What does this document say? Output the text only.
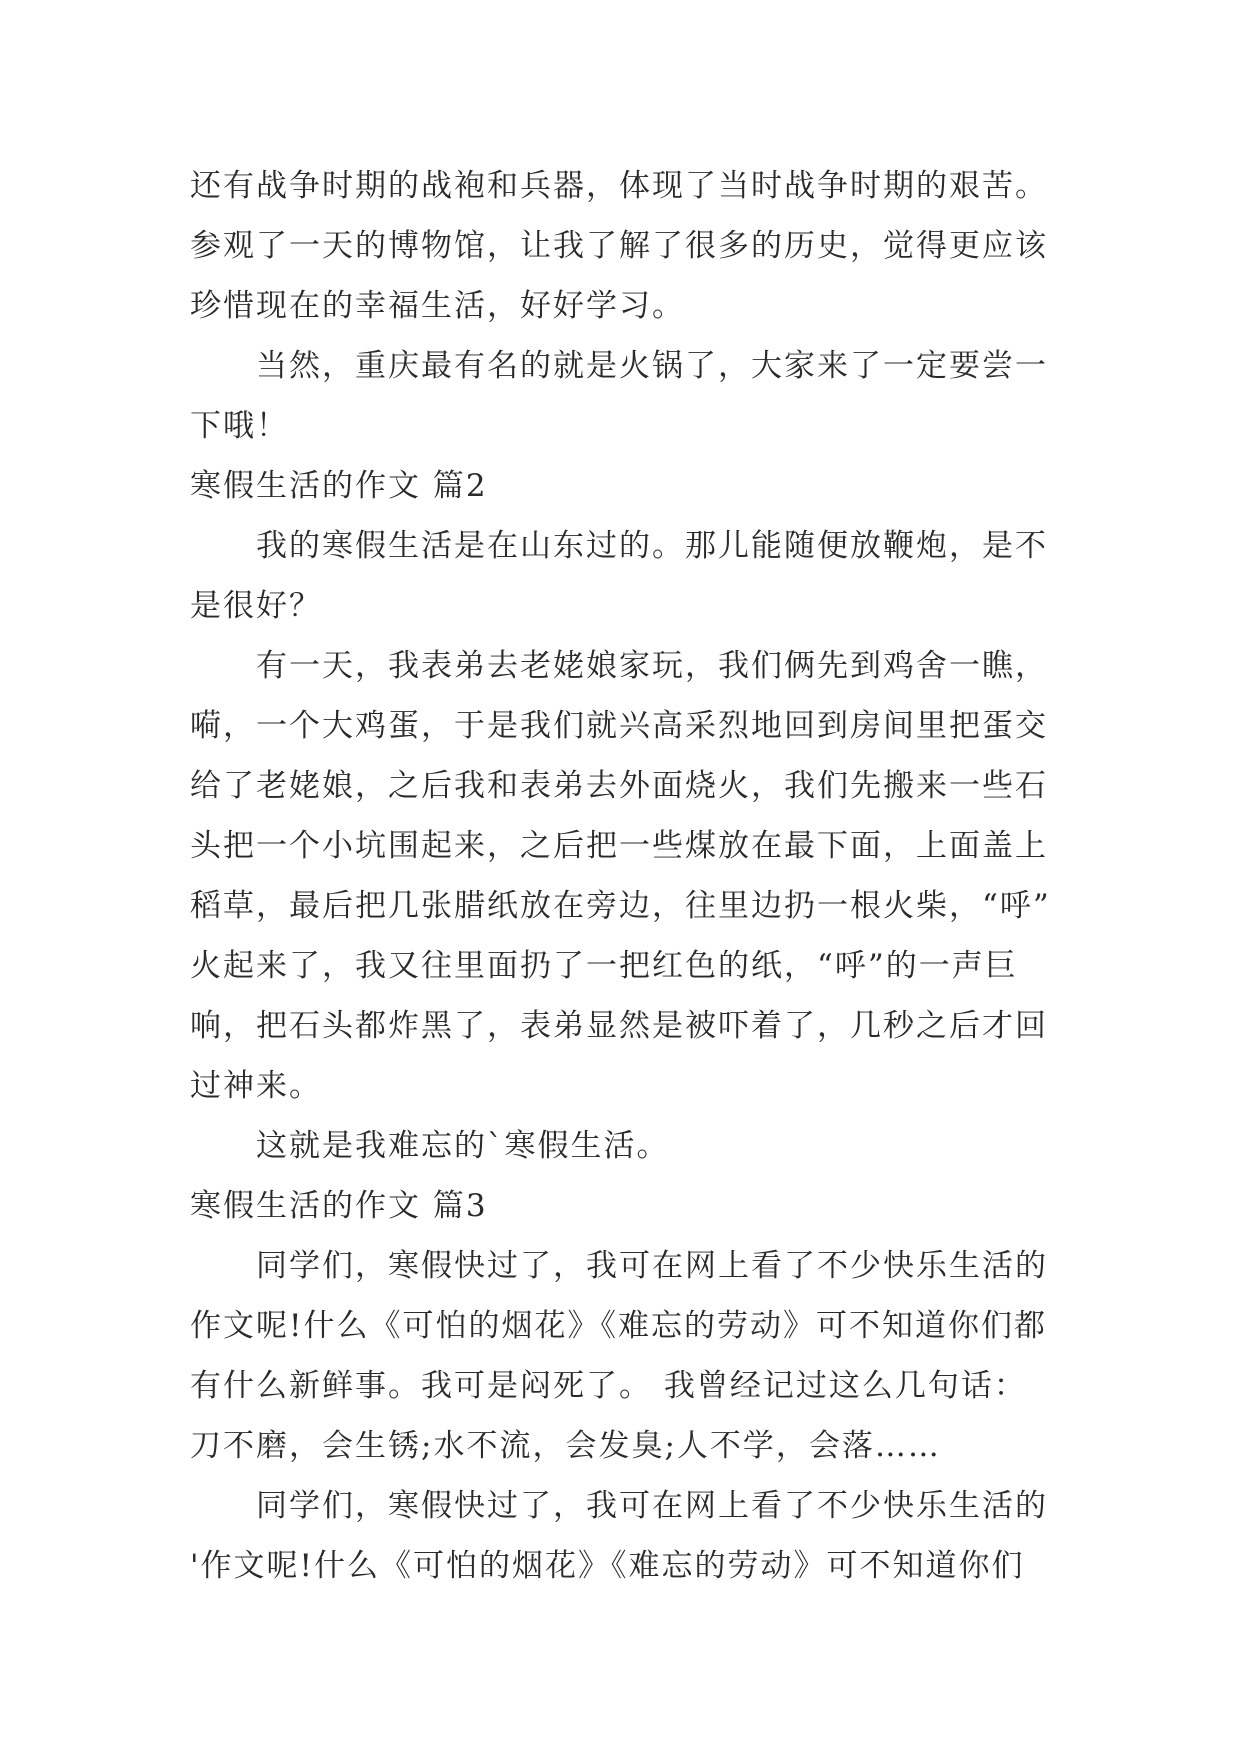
还有战争时期的战袍和兵器，体现了当时战争时期的艰苦。
参观了一天的博物馆，让我了解了很多的历史，觉得更应该
珍惜现在的幸福生活，好好学习。
当然，重庆最有名的就是火锅了，大家来了一定要尝一
下哦！
寒假生活的作文 篇2
我的寒假生活是在山东过的。那儿能随便放鞭炮，是不
是很好？
有一天，我表弟去老姥娘家玩，我们俩先到鸡舍一瞧，
嗬，一个大鸡蛋，于是我们就兴高采烈地回到房间里把蛋交
给了老姥娘，之后我和表弟去外面烧火，我们先搬来一些石
头把一个小坑围起来，之后把一些煤放在最下面，上面盖上
稻草，最后把几张腊纸放在旁边，往里边扔一根火柴，“呼”
火起来了，我又往里面扔了一把红色的纸，“呼”的一声巨
响，把石头都炸黑了，表弟显然是被吓着了，几秒之后才回
过神来。
这就是我难忘的`寒假生活。
寒假生活的作文 篇3
同学们，寒假快过了，我可在网上看了不少快乐生活的
作文呢!什么《可怕的烟花》《难忘的劳动》可不知道你们都
有什么新鲜事。我可是闷死了。 我曾经记过这么几句话：
刀不磨，会生锈;水不流，会发臭;人不学，会落……
同学们，寒假快过了，我可在网上看了不少快乐生活的
'作文呢!什么《可怕的烟花》《难忘的劳动》可不知道你们
